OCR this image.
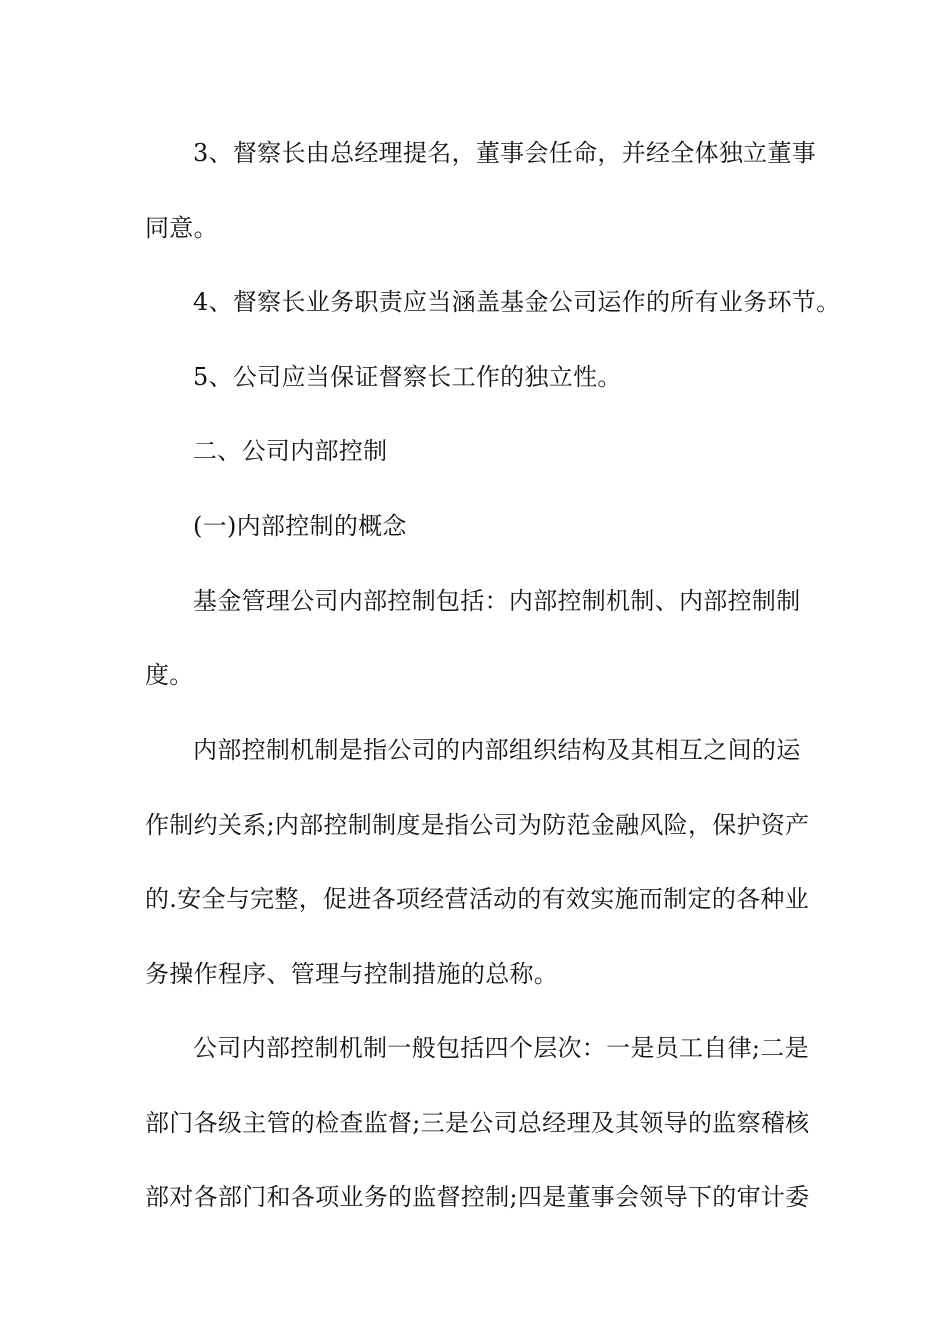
3、督察长由总经理提名，董事会任命，并经全体独立董事
同意。
4、督察长业务职责应当涵盖基金公司运作的所有业务环节。
5、公司应当保证督察长工作的独立性。
二、公司内部控制
(一)内部控制的概念
基金管理公司内部控制包括：内部控制机制、内部控制制
度。
内部控制机制是指公司的内部组织结构及其相互之间的运
作制约关系;内部控制制度是指公司为防范金融风险，保护资产
的.安全与完整，促进各项经营活动的有效实施而制定的各种业
务操作程序、管理与控制措施的总称。
公司内部控制机制一般包括四个层次：一是员工自律;二是
部门各级主管的检查监督;三是公司总经理及其领导的监察稽核
部对各部门和各项业务的监督控制;四是董事会领导下的审计委
